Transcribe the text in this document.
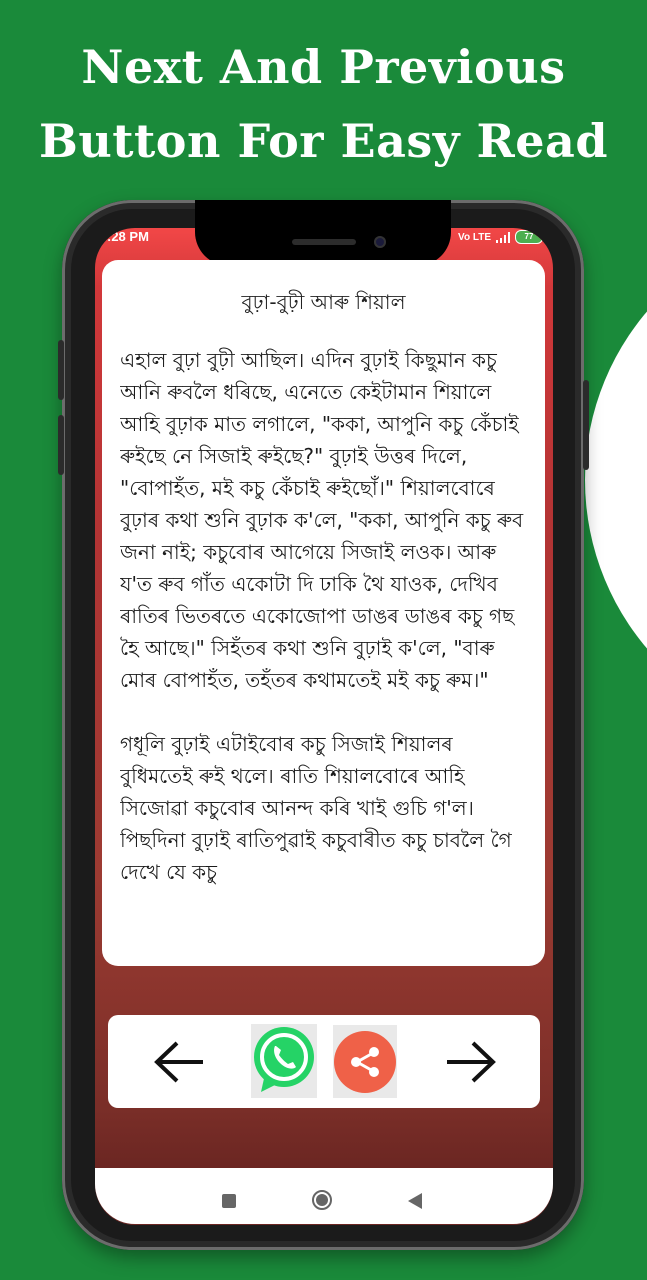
Next And Previous
Button For Easy Read
:28 PM	Vo LTE	77
বুঢ়া-বুঢ়ী আৰু শিয়াল

এহাল বুঢ়া বুঢ়ী আছিল। এদিন বুঢ়াই কিছুমান কচু আনি ৰুবলৈ ধৰিছে, এনেতে কেইটামান শিয়ালে আহি বুঢ়াক মাত লগালে, "ককা, আপুনি কচু কেঁচাই ৰুইছে নে সিজাই ৰুইছে?" বুঢ়াই উত্তৰ দিলে, "বোপাহঁত, মই কচু কেঁচাই ৰুইছোঁ।" শিয়ালবোৰে বুঢ়াৰ কথা শুনি বুঢ়াক ক'লে, "ককা, আপুনি কচু ৰুব জনা নাই; কচুবোৰ আগেয়ে সিজাই লওক। আৰু য'ত ৰুব গাঁত একোটা দি ঢাকি থৈ যাওক, দেখিব ৰাতিৰ ভিতৰতে একোজোপা ডাঙৰ ডাঙৰ কচু গছ হৈ আছে।" সিহঁতৰ কথা শুনি বুঢ়াই ক'লে, "বাৰু মোৰ বোপাহঁত, তহঁতৰ কথামতেই মই কচু ৰুম।"

গধূলি বুঢ়াই এটাইবোৰ কচু সিজাই শিয়ালৰ বুধিমতেই ৰুই থলে। ৰাতি শিয়ালবোৰে আহি সিজোৱা কচুবোৰ আনন্দ কৰি খাই গুচি গ'ল। পিছদিনা বুঢ়াই ৰাতিপুৱাই কচুবাৰীত কচু চাবলৈ গৈ দেখে যে কচু
